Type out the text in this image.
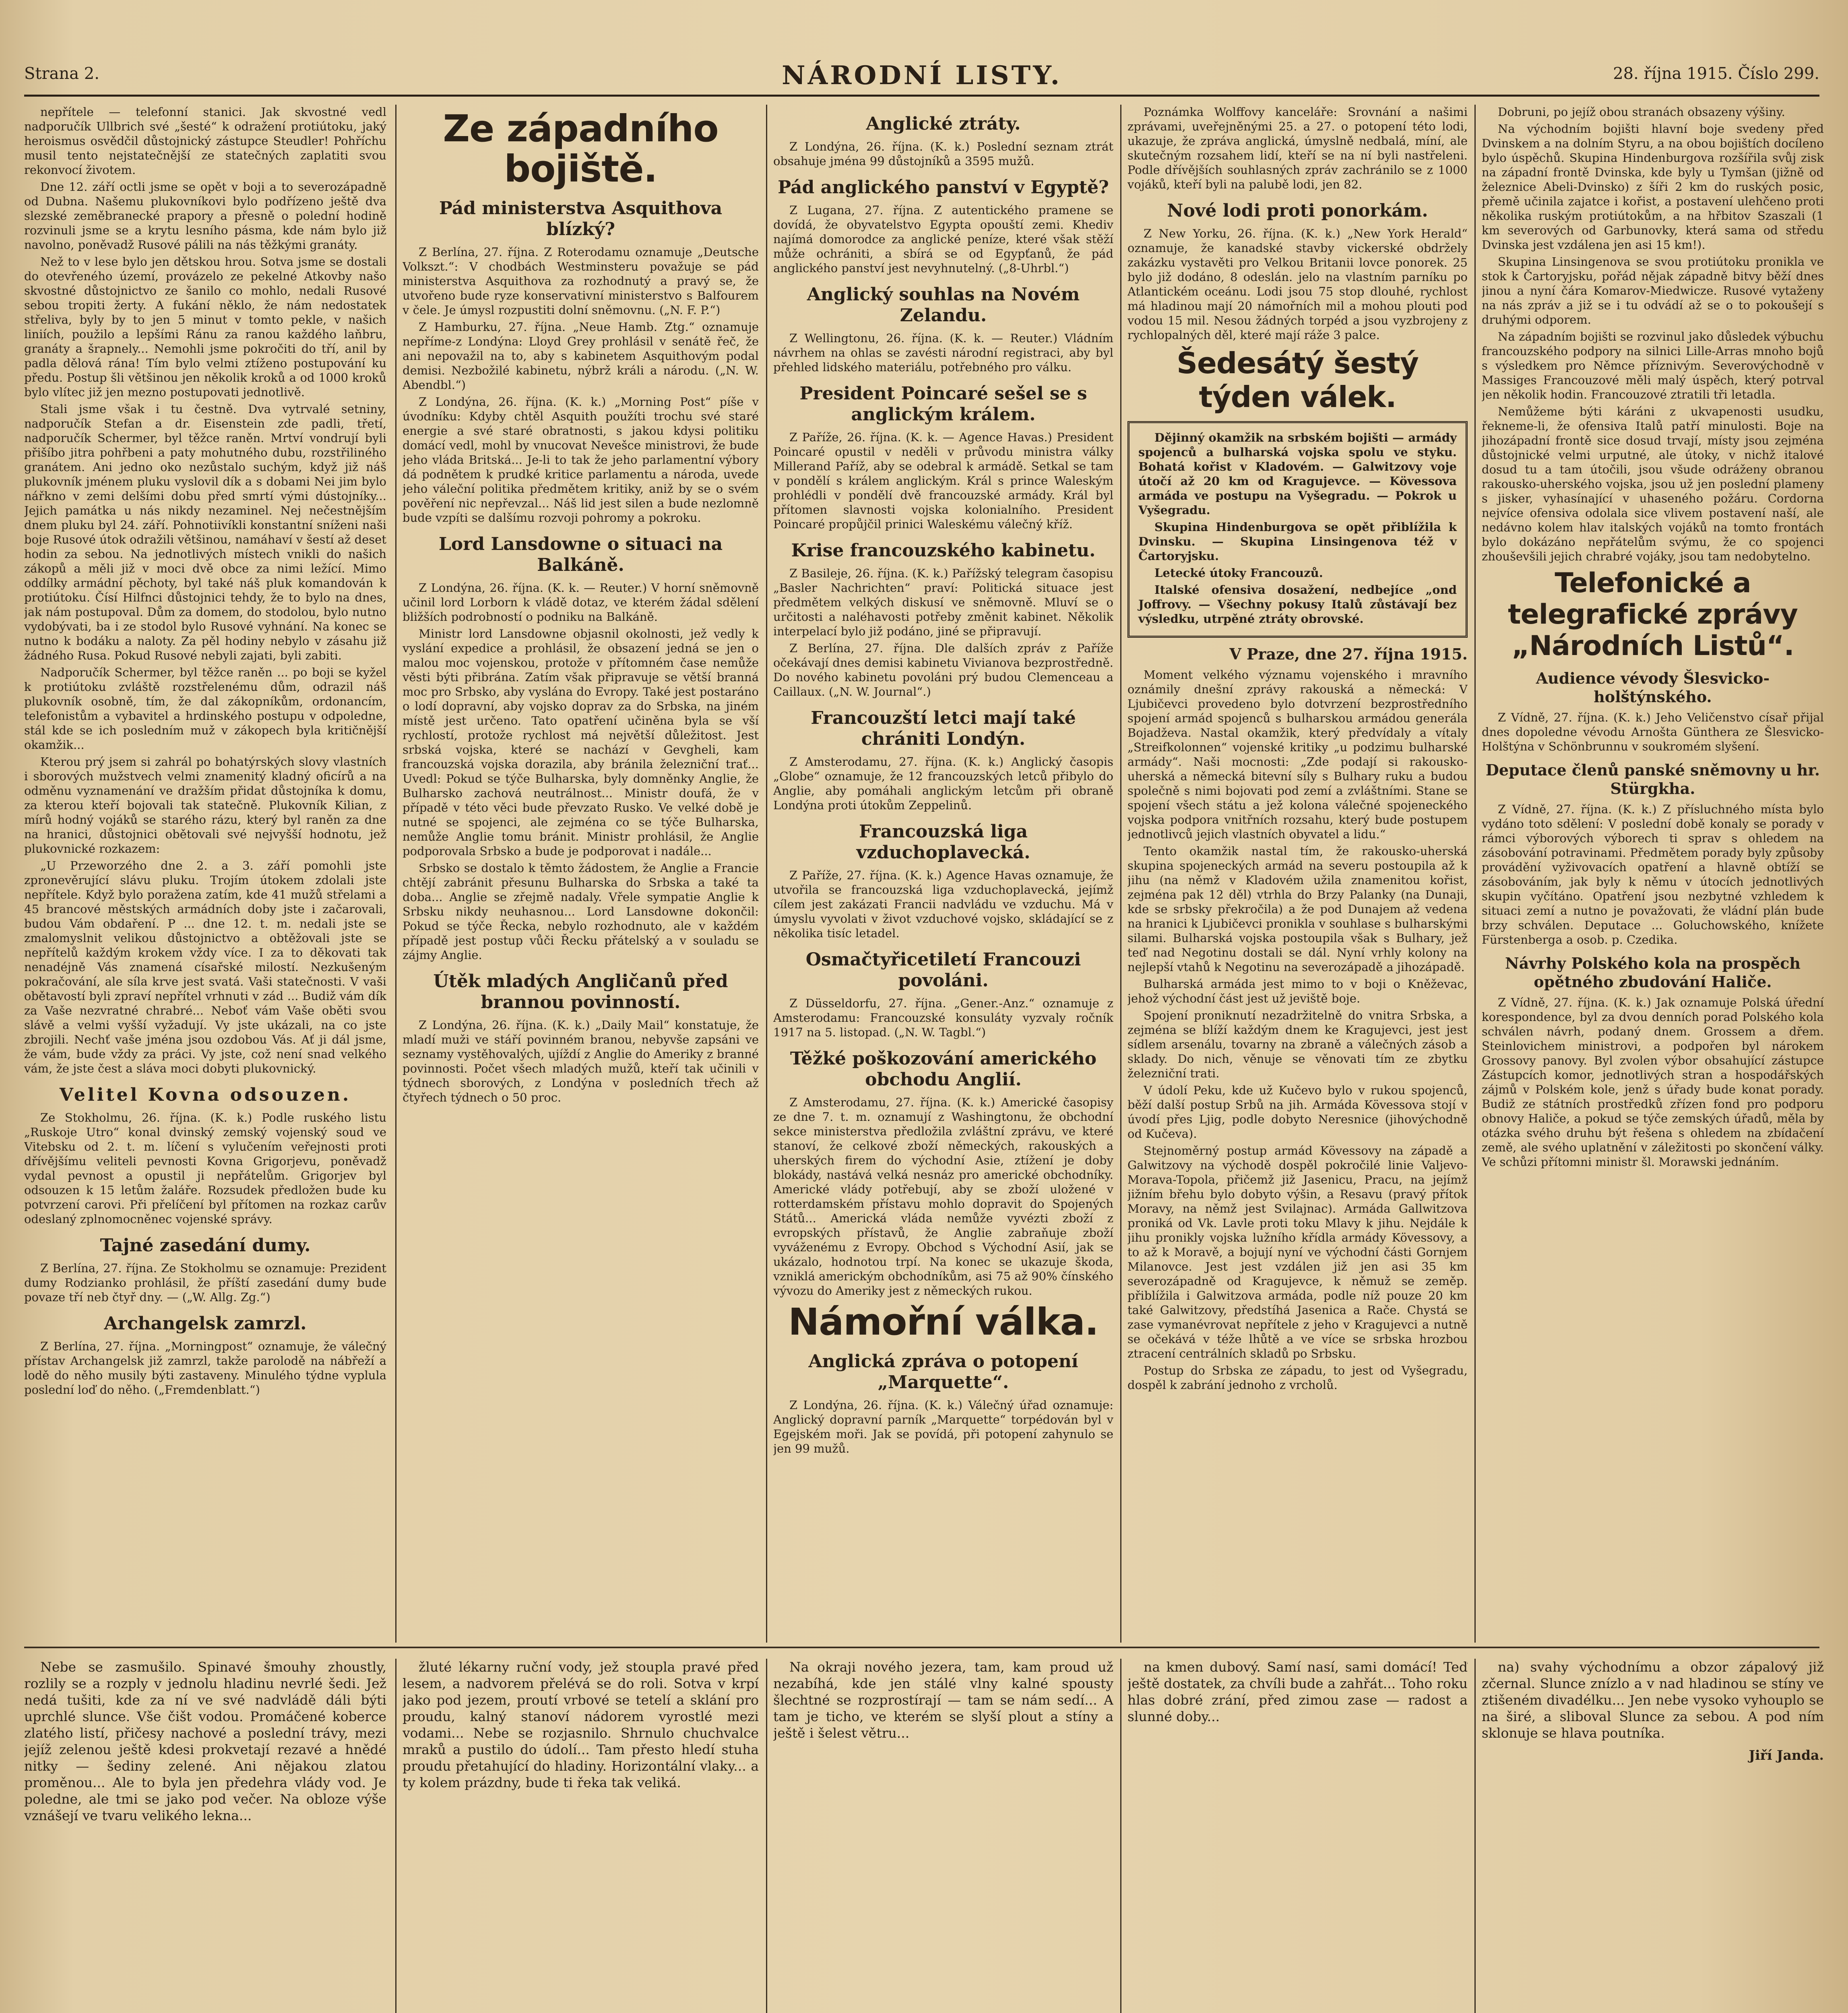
Strana 2.	NÁRODNÍ LISTY.	28. října 1915. Číslo 299.

nepřítele — telefonní stanici. Jak skvostné vedl nadporučík Ullbrich své „šesté“ k odražení protiútoku, jaký heroismus osvědčil důstojnický zástupce Steudler! Pohříchu musil tento nejstatečnější ze statečných zaplatiti svou rekonvocí životem.

Dne 12. září octli jsme se opět v boji a to severozápadně od Dubna. Našemu plukovníkovi bylo podřízeno ještě dva slezské zeměbranecké prapory a přesně o polední hodině rozvinuli jsme se a krytu lesního pásma, kde nám bylo již navolno, poněvadž Rusové pálili na nás těžkými granáty.

Než to v lese bylo jen dětskou hrou. Sotva jsme se dostali do otevřeného území, provázelo ze pekelné Atkovby našo skvostné důstojnictvo ze šanilo co mohlo, nedali Rusové sebou tropiti žerty. A fukání něklo, že nám nedostatek střeliva, byly by to jen 5 minut v tomto pekle, v našich liniích, použilo a lepšími Ránu za ranou každého laňbru, granáty a šrapnely... Nemohli jsme pokročiti do tří, anil by padla dělová rána! Tím bylo velmi ztíženo postupování ku předu. Postup šli většinou jen několik kroků a od 1000 kroků bylo vlítec již jen mezno postupovati jednotlivě.

Stali jsme však i tu čestně. Dva vytrvalé setniny, nadporučík Stefan a dr. Eisenstein zde padli, třetí, nadporučík Schermer, byl těžce raněn. Mrtví vondrují byli přišíbo jitra pohřbeni a paty mohutného dubu, rozstřiliného granátem. Ani jedno oko nezůstalo suchým, když již náš plukovník jménem pluku vyslovil dík a s dobami Nei jim bylo nářkno v zemi delšími dobu před smrtí vými dústojníky... Jejich památka u nás nikdy nezaminel. Nej nečestnějším dnem pluku byl 24. září. Pohnotiivíkli konstantní sníženi naši boje Rusové útok odražili většinou, namáhaví v šestí až deset hodin za sebou. Na jednotlivých místech vnikli do našich zákopů a měli již v moci dvě obce za nimi ležící. Mimo oddílky armádní pěchoty, byl také náš pluk komandován k protiútoku. Čísí Hilfnci důstojnici tehdy, že to bylo na dnes, jak nám postupoval. Dům za domem, do stodolou, bylo nutno vydobývati, ba i ze stodol bylo Rusové vyhnání. Na konec se nutno k bodáku a naloty. Za pěl hodiny nebylo v zásahu již žádného Rusa. Pokud Rusové nebyli zajati, byli zabiti.

Nadporučík Schermer, byl těžce raněn ... po boji se kyžel k protiútoku zvláště rozstřelenému dům, odrazil náš plukovník osobně, tím, že dal zákopníkům, ordonancím, telefonistům a vybavitel a hrdinského postupu v odpoledne, stál kde se ich posledním muž v zákopech byla kritičnější okamžik...

Kterou prý jsem si zahrál po bohatýrských slovy vlastních i sborových mužstvech velmi znamenitý kladný oficírů a na odměnu vyznamenání ve dražším přidat důstojníka k domu, za kterou kteří bojovali tak statečně. Plukovník Kilian, z mírů hodný vojáků se starého rázu, který byl raněn za dne na hranici, důstojnici obětovali své nejvyšší hodnotu, jež plukovnické rozkazem:

„U Przeworzého dne 2. a 3. září pomohli jste zpronevěrující slávu pluku. Trojím útokem zdolali jste nepřítele. Když bylo poražena zatím, kde 41 mužů střelami a 45 brancové městských armádních doby jste i začarovali, budou Vám obdaření. P ... dne 12. t. m. nedali jste se zmalomyslnit velikou důstojnictvo a obtěžovali jste se nepřítelů každým krokem vždy více. I za to děkovati tak nenadéjně Vás znamená císařské milostí. Nezkušeným pokračování, ale síla krve jest svatá. Vaši statečnosti. V vaši obětavostí byli zpraví nepřítel vrhnuti v zád ... Budiž vám dík za Vaše nezvratné chrabré... Neboť vám Vaše oběti svou slávě a velmi vyšší vyžadují. Vy jste ukázali, na co jste zbrojili. Nechť vaše jména jsou ozdobou Vás. Ať ji dál jsme, že vám, bude vždy za práci. Vy jste, což není snad velkého vám, že jste čest a sláva moci dobyti plukovnický.

Velitel Kovna odsouzen.

Ze Stokholmu, 26. října. (K. k.) Podle ruského listu „Ruskoje Utro“ konal dvinský zemský vojenský soud ve Vitebsku od 2. t. m. líčení s vylučením veřejnosti proti dřívějšímu veliteli pevnosti Kovna Grigorjevu, poněvadž vydal pevnost a opustil ji nepřátelům. Grigorjev byl odsouzen k 15 letům žaláře. Rozsudek předložen bude ku potvrzení carovi. Při přelíčení byl přítomen na rozkaz carův odeslaný zplnomocněnec vojenské správy.

Tajné zasedání dumy.

Z Berlína, 27. října. Ze Stokholmu se oznamuje: Prezident dumy Rodzianko prohlásil, že příští zasedání dumy bude povaze tří neb čtyř dny. — („W. Allg. Zg.“)

Archangelsk zamrzl.

Z Berlína, 27. října. „Morningpost“ oznamuje, že válečný přístav Archangelsk již zamrzl, takže parolodě na nábřeží a lodě do něho musily býti zastaveny. Minulého týdne vyplula poslední loď do něho. („Fremdenblatt.“)

Ze západního bojiště.
Pád ministerstva Asquithova blízký?

Z Berlína, 27. října. Z Roterodamu oznamuje „Deutsche Volkszt.“: V chodbách Westminsteru považuje se pád ministerstva Asquithova za rozhodnutý a pravý se, že utvořeno bude ryze konservativní ministerstvo s Balfourem v čele. Je úmysl rozpustiti dolní sněmovnu. („N. F. P.“)

Z Hamburku, 27. října. „Neue Hamb. Ztg.“ oznamuje nepříme-z Londýna: Lloyd Grey prohlásil v senátě řeč, že ani nepovažil na to, aby s kabinetem Asquithovým podal demisi. Nezbožilé kabinetu, nýbrž králi a národu. („N. W. Abendbl.“)

Z Londýna, 26. října. (K. k.) „Morning Post“ píše v úvodníku: Kdyby chtěl Asquith použíti trochu své staré energie a své staré obratnosti, s jakou kdysi politiku domácí vedl, mohl by vnucovat Nevešce ministrovi, že bude jeho vláda Britská... Je-li to tak že jeho parlamentní výbory dá podnětem k prudké kritice parlamentu a národa, uvede jeho váleční politika předmětem kritiky, aniž by se o svém pověření nic nepřevzal... Náš lid jest silen a bude nezlomně bude vzpíti se dalšímu rozvoji pohromy a pokroku.

Lord Lansdowne o situaci na Balkáně.

Z Londýna, 26. října. (K. k. — Reuter.) V horní sněmovně učinil lord Lorborn k vládě dotaz, ve kterém žádal sdělení bližších podrobností o podniku na Balkáně.

Ministr lord Lansdowne objasnil okolnosti, jež vedly k vyslání expedice a prohlásil, že obsazení jedná se jen o malou moc vojenskou, protože v přítomném čase nemůže věsti býti přibrána. Zatím však připravuje se větší branná moc pro Srbsko, aby vyslána do Evropy. Také jest postaráno o lodí dopravní, aby vojsko doprav za do Srbska, na jiném místě jest určeno. Tato opatření učiněna byla se vší rychlostí, protože rychlost má největší důležitost. Jest srbská vojska, které se nachází v Gevgheli, kam francouzská vojska dorazila, aby bránila železniční trať... Uvedl: Pokud se týče Bulharska, byly domněnky Anglie, že Bulharsko zachová neutrálnost... Ministr doufá, že v případě v této věci bude převzato Rusko. Ve velké době je nutné se spojenci, ale zejména co se týče Bulharska, nemůže Anglie tomu bránit. Ministr prohlásil, že Anglie podporovala Srbsko a bude je podporovat i nadále...

Srbsko se dostalo k těmto žádostem, že Anglie a Francie chtějí zabránit přesunu Bulharska do Srbska a také ta doba... Anglie se zřejmě nadaly. Vřele sympatie Anglie k Srbsku nikdy neuhasnou... Lord Lansdowne dokončil: Pokud se týče Řecka, nebylo rozhodnuto, ale v každém případě jest postup vůči Řecku přátelský a v souladu se zájmy Anglie.

Útěk mladých Angličanů před brannou povinností.

Z Londýna, 26. října. (K. k.) „Daily Mail“ konstatuje, že mladí muži ve stáří povinném branou, nebyvše zapsáni ve seznamy vystěhovalých, ujíždí z Anglie do Ameriky z branné povinnosti. Počet všech mladých mužů, kteří tak učinili v týdnech sborových, z Londýna v posledních třech až čtyřech týdnech o 50 proc.

Anglické ztráty.

Z Londýna, 26. října. (K. k.) Poslední seznam ztrát obsahuje jména 99 důstojníků a 3595 mužů.

Pád anglického panství v Egyptě?

Z Lugana, 27. října. Z autentického pramene se dovídá, že obyvatelstvo Egypta opouští zemi. Khediv najímá domorodce za anglické peníze, které však stěží může ochrániti, a sbírá se od Egypťanů, že pád anglického panství jest nevyhnutelný. („8-Uhrbl.“)

Anglický souhlas na Novém Zelandu.

Z Wellingtonu, 26. října. (K. k. — Reuter.) Vládním návrhem na ohlas se zavésti národní registraci, aby byl přehled lidského materiálu, potřebného pro válku.

President Poincaré sešel se s anglickým králem.

Z Paříže, 26. října. (K. k. — Agence Havas.) President Poincaré opustil v neděli v průvodu ministra války Millerand Paříž, aby se odebral k armádě. Setkal se tam v pondělí s králem anglickým. Král s prince Waleským prohlédli v pondělí dvě francouzské armády. Král byl přítomen slavnosti vojska kolonialního. President Poincaré propůjčil prinici Waleskému válečný kříž.

Krise francouzského kabinetu.

Z Basileje, 26. října. (K. k.) Pařížský telegram časopisu „Basler Nachrichten“ praví: Politická situace jest předmětem velkých diskusí ve sněmovně. Mluví se o určitosti a naléhavosti potřeby změnit kabinet. Několik interpelací bylo již podáno, jiné se připravují.

Z Berlína, 27. října. Dle dalších zpráv z Paříže očekávají dnes demisi kabinetu Vivianova bezprostředně. Do nového kabinetu povoláni prý budou Clemenceau a Caillaux. („N. W. Journal“.)

Francouzští letci mají také chrániti Londýn.

Z Amsterodamu, 27. října. (K. k.) Anglický časopis „Globe“ oznamuje, že 12 francouzských letců přibylo do Anglie, aby pomáhali anglickým letcům při obraně Londýna proti útokům Zeppelinů.

Francouzská liga vzduchoplavecká.

Z Paříže, 27. října. (K. k.) Agence Havas oznamuje, že utvořila se francouzská liga vzduchoplavecká, jejímž cílem jest zakázati Francii nadvládu ve vzduchu. Má v úmyslu vyvolati v život vzduchové vojsko, skládající se z několika tisíc letadel.

Osmačtyřicetiletí Francouzi povoláni.

Z Düsseldorfu, 27. října. „Gener.-Anz.“ oznamuje z Amsterodamu: Francouzské konsuláty vyzvaly ročník 1917 na 5. listopad. („N. W. Tagbl.“)

Těžké poškozování amerického obchodu Anglií.

Z Amsterodamu, 27. října. (K. k.) Americké časopisy ze dne 7. t. m. oznamují z Washingtonu, že obchodní sekce ministerstva předložila zvláštní zprávu, ve které stanoví, že celkové zboží německých, rakouských a uherských firem do východní Asie, ztížení je doby blokády, nastává velká nesnáz pro americké obchodníky. Americké vlády potřebují, aby se zboží uložené v rotterdamském přístavu mohlo dopravit do Spojených Států... Americká vláda nemůže vyvézti zboží z evropských přístavů, že Anglie zabraňuje zboží vyváženému z Evropy. Obchod s Východní Asií, jak se ukázalo, hodnotou trpí. Na konec se ukazuje škoda, vzniklá americkým obchodníkům, asi 75 až 90% čínského vývozu do Ameriky jest z německých rukou.

Námořní válka.
Anglická zpráva o potopení „Marquette“.

Z Londýna, 26. října. (K. k.) Válečný úřad oznamuje: Anglický dopravní parník „Marquette“ torpédován byl v Egejském moři. Jak se povídá, při potopení zahynulo se jen 99 mužů.

Poznámka Wolffovy kanceláře: Srovnání a našimi zprávami, uveřejněnými 25. a 27. o potopení této lodi, ukazuje, že zpráva anglická, úmyslně nedbalá, míní, ale skutečným rozsahem lidí, kteří se na ní byli nastřeleni. Podle dřívějších souhlasných zpráv zachránilo se z 1000 vojáků, kteří byli na palubě lodi, jen 82.

Nové lodi proti ponorkám.

Z New Yorku, 26. října. (K. k.) „New York Herald“ oznamuje, že kanadské stavby vickerské obdržely zakázku vystavěti pro Velkou Britanii lovce ponorek. 25 bylo již dodáno, 8 odeslán. jelo na vlastním parníku po Atlantickém oceánu. Lodi jsou 75 stop dlouhé, rychlost má hladinou mají 20 námořních mil a mohou plouti pod vodou 15 mil. Nesou žádných torpéd a jsou vyzbrojeny z rychlopalných děl, které mají ráže 3 palce.

Šedesátý šestý týden válek.

Dějinný okamžik na srbském bojišti — armády spojenců a bulharská vojska spolu ve styku. Bohatá kořist v Kladovém. — Galwitzovy voje útočí až 20 km od Kragujevce. — Kövessova armáda ve postupu na Vyšegradu. — Pokrok u Vyšegradu.

Skupina Hindenburgova se opět přiblížila k Dvinsku. — Skupina Linsingenova též v Čartoryjsku.

Letecké útoky Francouzů.

Italské ofensiva dosažení, nedbejíce „ond Joffrovy. — Všechny pokusy Italů zůstávají bez výsledku, utrpěné ztráty obrovské.

V Praze, dne 27. října 1915.

Moment velkého významu vojenského i mravního oznámily dnešní zprávy rakouská a německá: V Ljubičevci provedeno bylo dotvrzení bezprostředního spojení armád spojenců s bulharskou armádou generála Bojadževa. Nastal okamžik, který předvídaly a vítaly „Streifkolonnen“ vojenské kritiky „u podzimu bulharské armády“. Naši mocnosti: „Zde podají si rakousko-uherská a německá bitevní síly s Bulhary ruku a budou společně s nimi bojovati pod zemí a zvláštními. Stane se spojení všech státu a jež kolona válečné spojeneckého vojska podpora vnitřních rozsahu, který bude postupem jednotlivců jejich vlastních obyvatel a lidu.“

Tento okamžik nastal tím, že rakousko-uherská skupina spojeneckých armád na severu postoupila až k jihu (na němž v Kladovém užila znamenitou kořist, zejména pak 12 děl) vtrhla do Brzy Palanky (na Dunaji, kde se srbsky překročila) a že pod Dunajem až vedena na hranici k Ljubičevci pronikla v souhlase s bulharskými silami. Bulharská vojska postoupila však s Bulhary, jež teď nad Negotinu dostali se dál. Nyní vrhly kolony na nejlepší vtahů k Negotinu na severozápadě a jihozápadě.

Bulharská armáda jest mimo to v boji o Kněževac, jehož východní část jest už jeviště boje.

Spojení proniknutí nezadržitelně do vnitra Srbska, a zejména se blíží každým dnem ke Kragujevci, jest jest sídlem arsenálu, tovarny na zbraně a válečných zásob a sklady. Do nich, věnuje se věnovati tím ze zbytku železniční trati.

V údolí Peku, kde už Kučevo bylo v rukou spojenců, běží další postup Srbů na jih. Armáda Kövessova stojí v úvodí přes Ljig, podle dobyto Neresnice (jihovýchodně od Kučeva).

Stejnoměrný postup armád Kövessovy na západě a Galwitzovy na východě dospěl pokročilé linie Valjevo-Morava-Topola, přičemž již Jasenicu, Pracu, na jejímž jižním břehu bylo dobyto výšin, a Resavu (pravý přítok Moravy, na němž jest Svilajnac). Armáda Gallwitzova proniká od Vk. Lavle proti toku Mlavy k jihu. Nejdále k jihu pronikly vojska lužního křídla armády Kövessovy, a to až k Moravě, a bojují nyní ve východní části Gornjem Milanovce. Jest jest vzdálen již jen asi 35 km severozápadně od Kragujevce, k němuž se zeměp. přiblížila i Galwitzova armáda, podle níž pouze 20 km také Galwitzovy, předstíhá Jasenica a Rače. Chystá se zase vymanévrovat nepřítele z jeho v Kragujevci a nutně se očekává v téže lhůtě a ve více se srbska hrozbou ztracení centrálních skladů po Srbsku.

Postup do Srbska ze západu, to jest od Vyšegradu, dospěl k zabrání jednoho z vrcholů.

Dobruni, po jejíž obou stranách obsazeny výšiny.

Na východním bojišti hlavní boje svedeny před Dvinskem a na dolním Styru, a na obou bojištích docíleno bylo úspěchů. Skupina Hindenburgova rozšířila svůj zisk na západní frontě Dvinska, kde byly u Tymšan (jižně od železnice Abeli-Dvinsko) z šíři 2 km do ruských posic, přemě učinila zajatce i kořist, a postavení ulehčeno proti několika ruským protiútokům, a na hřbitov Szaszali (1 km severových od Garbunovky, která sama od středu Dvinska jest vzdálena jen asi 15 km!).

Skupina Linsingenova se svou protiútoku pronikla ve stok k Čartoryjsku, pořád nějak západně bitvy běží dnes jinou a nyní čára Komarov-Miedwicze. Rusové vytaženy na nás zpráv a již se i tu odvádí až se o to pokoušejí s druhými odporem.

Na západním bojišti se rozvinul jako důsledek výbuchu francouzského podpory na silnici Lille-Arras mnoho bojů s výsledkem pro Němce příznivým. Severovýchodně v Massiges Francouzové měli malý úspěch, který potrval jen několik hodin. Francouzové ztratili tři letadla.

Nemůžeme býti káráni z ukvapenosti usudku, řekneme-li, že ofensiva Italů patří minulosti. Boje na jihozápadní frontě sice dosud trvají, místy jsou zejména důstojnické velmi urputné, ale útoky, v nichž italové dosud tu a tam útočili, jsou všude odráženy obranou rakousko-uherského vojska, jsou už jen poslední plameny s jisker, vyhasínající v uhaseného požáru. Cordorna nejvíce ofensiva odolala sice vlivem postavení naší, ale nedávno kolem hlav italských vojáků na tomto frontách bylo dokázáno nepřátelům svýmu, že co spojenci zhouševšili jejich chrabré vojáky, jsou tam nedobytelno.

Telefonické a telegrafické zprávy „Národních Listů“.
Audience vévody Šlesvicko-holštýnského.

Z Vídně, 27. října. (K. k.) Jeho Veličenstvo císař přijal dnes dopoledne vévodu Arnošta Günthera ze Šlesvicko-Holštýna v Schönbrunnu v soukromém slyšení.

Deputace členů panské sněmovny u hr. Stürgkha.

Z Vídně, 27. října. (K. k.) Z přísluchného místa bylo vydáno toto sdělení: V poslední době konaly se porady v rámci výborových výborech ti sprav s ohledem na zásobování potravinami. Předmětem porady byly způsoby provádění vyživovacích opatření a hlavně obtíží se zásobováním, jak byly k němu v útocích jednotlivých skupin vyčítáno. Opatření jsou nezbytné vzhledem k situaci zemí a nutno je považovati, že vládní plán bude brzy schválen. Deputace ... Goluchowského, knížete Fürstenberga a osob. p. Czedika.

Návrhy Polského kola na prospěch opětného zbudování Haliče.

Z Vídně, 27. října. (K. k.) Jak oznamuje Polská úřední korespondence, byl za dvou denních porad Polského kola schválen návrh, podaný dnem. Grossem a dřem. Steinlovichem ministrovi, a podpořen byl nárokem Grossovy panovy. Byl zvolen výbor obsahující zástupce Zástupcích komor, jednotlivých stran a hospodářských zájmů v Polském kole, jenž s úřady bude konat porady. Budiž ze státních prostředků zřízen fond pro podporu obnovy Haliče, a pokud se týče zemských úřadů, měla by otázka svého druhu být řešena s ohledem na zbídačení země, ale svého uplatnění v záležitosti po skončení války. Ve schůzi přítomni ministr šl. Morawski jednáním.

Nebe se zasmušilo. Spinavé šmouhy zhoustly, rozlily se a rozply v jednolu hladinu nevrlé šedi. Jež nedá tušiti, kde za ní ve své nadvládě dáli býti uprchlé slunce. Vše čišt vodou. Promáčené koberce zlatého listí, přičesy nachové a poslední trávy, mezi jejíž zelenou ještě kdesi prokvetají rezavé a hnědé nitky — šediny zelené. Ani nějakou zlatou proměnou... Ale to byla jen předehra vlády vod. Je poledne, ale tmi se jako pod večer. Na obloze výše vznášejí ve tvaru velikého lekna...

žluté lékarny ruční vody, jež stoupla pravé před lesem, a nadvorem přelévá se do roli. Sotva v krpí jako pod jezem, proutí vrbové se tetelí a sklání pro proudu, kalný stanoví nádorem vyrostlé mezi vodami... Nebe se rozjasnilo. Shrnulo chuchvalce mraků a pustilo do údolí... Tam přesto hledí stuha proudu přetahující do hladiny. Horizontální vlaky... a ty kolem prázdny, bude ti řeka tak veliká.

Na okraji nového jezera, tam, kam proud už nezabíhá, kde jen stálé vlny kalné spousty šlechtné se rozprostírají — tam se nám sedí... A tam je ticho, ve kterém se slyší plout a stíny a ještě i šelest větru...

na kmen dubový. Samí nasí, sami domácí! Teď ještě dostatek, za chvíli bude a zahřát... Toho roku hlas dobré zrání, před zimou zase — radost a slunné doby...

na) svahy východnímu a obzor zápalový již zčernal. Slunce znízlo a v nad hladinou se stíny ve ztišeném divadélku... Jen nebe vysoko vyhouplo se na širé, a sliboval Slunce za sebou. A pod ním sklonuje se hlava poutníka.

Jiří Janda.
